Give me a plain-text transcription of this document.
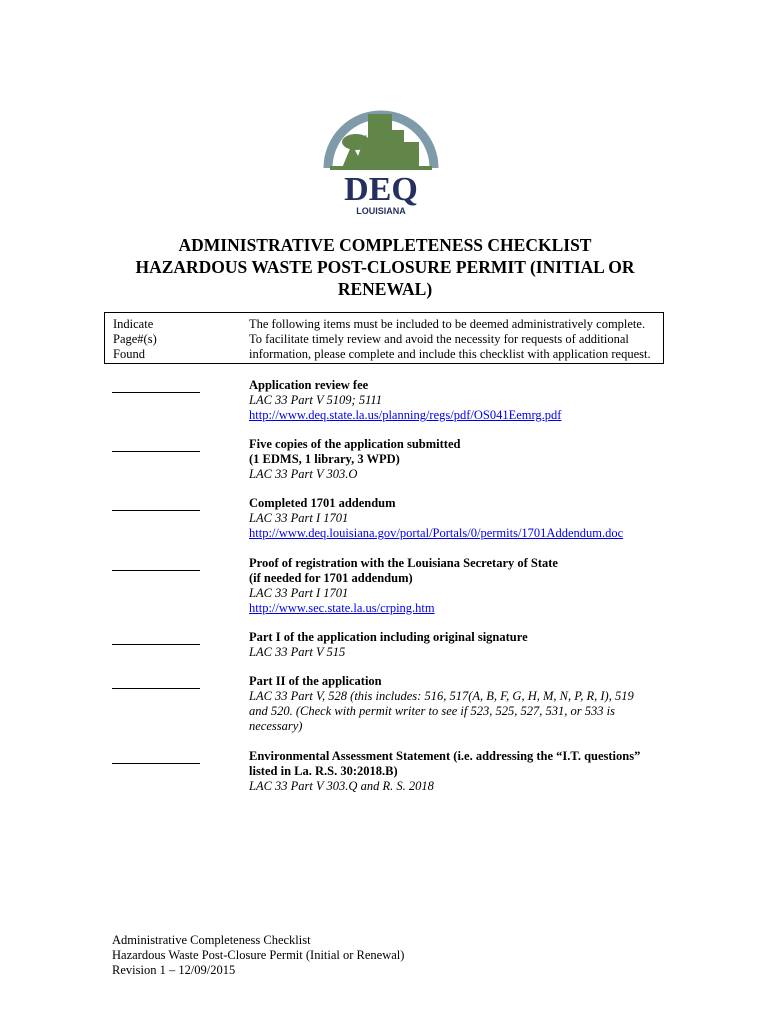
DEQ
LOUISIANA
ADMINISTRATIVE COMPLETENESS CHECKLIST
HAZARDOUS WASTE POST-CLOSURE PERMIT (INITIAL OR
RENEWAL)
Indicate
Page#(s)
Found
The following items must be included to be deemed administratively complete.
To facilitate timely review and avoid the necessity for requests of additional
information, please complete and include this checklist with application request.
Application review fee
LAC 33 Part V 5109; 5111
http://www.deq.state.la.us/planning/regs/pdf/OS041Eemrg.pdf
Five copies of the application submitted
(1 EDMS, 1 library, 3 WPD)
LAC 33 Part V 303.O
Completed 1701 addendum
LAC 33 Part I 1701
http://www.deq.louisiana.gov/portal/Portals/0/permits/1701Addendum.doc
Proof of registration with the Louisiana Secretary of State
(if needed for 1701 addendum)
LAC 33 Part I 1701
http://www.sec.state.la.us/crping.htm
Part I of the application including original signature
LAC 33 Part V 515
Part II of the application
LAC 33 Part V, 528 (this includes: 516, 517(A, B, F, G, H, M, N, P, R, I), 519
and 520. (Check with permit writer to see if 523, 525, 527, 531, or 533 is
necessary)
Environmental Assessment Statement (i.e. addressing the “I.T. questions”
listed in La. R.S. 30:2018.B)
LAC 33 Part V 303.Q and R. S. 2018
Administrative Completeness Checklist
Hazardous Waste Post-Closure Permit (Initial or Renewal)
Revision 1 – 12/09/2015
